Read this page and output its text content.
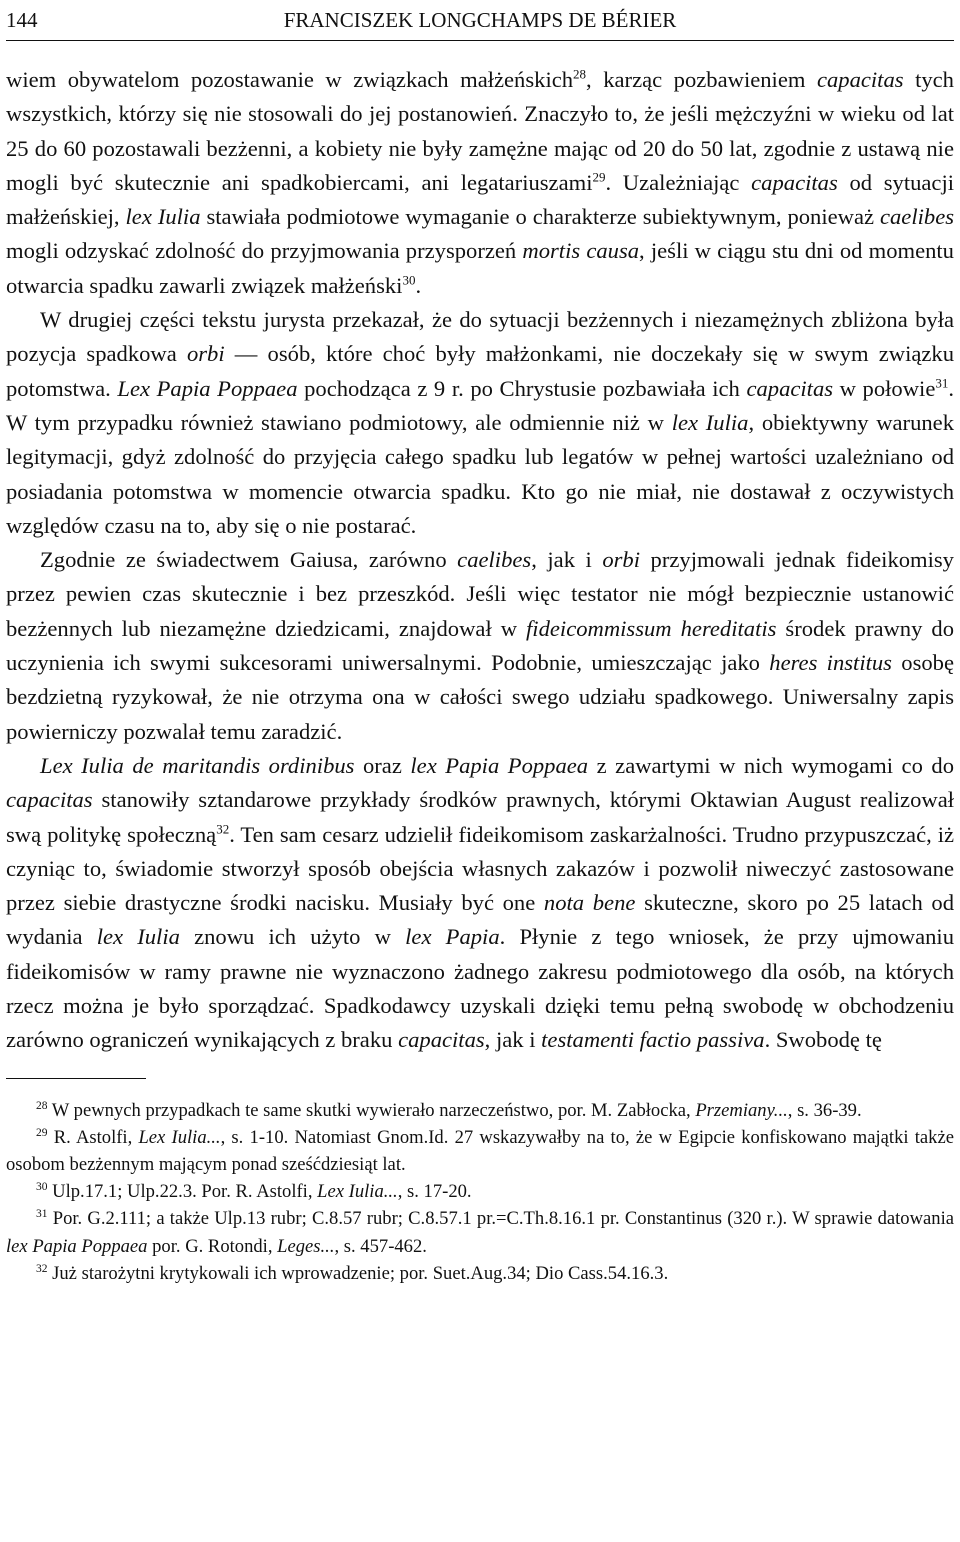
144	FRANCISZEK LONGCHAMPS DE BÉRIER

wiem obywatelom pozostawanie w związkach małżeńskich$^{28}$, karząc pozbawieniem capacitas tych wszystkich, którzy się nie stosowali do jej postanowień. Znaczyło to, że jeśli mężczyźni w wieku od lat 25 do 60 pozostawali bezżenni, a kobiety nie były zamężne mając od 20 do 50 lat, zgodnie z ustawą nie mogli być skutecznie ani spadkobiercami, ani legatariuszami$^{29}$. Uzależniając capacitas od sytuacji małżeńskiej, lex Iulia stawiała podmiotowe wymaganie o charakterze subiektywnym, ponieważ caelibes mogli odzyskać zdolność do przyjmowania przysporzeń mortis causa, jeśli w ciągu stu dni od momentu otwarcia spadku zawarli związek małżeński$^{30}$.

W drugiej części tekstu jurysta przekazał, że do sytuacji bezżennych i niezamężnych zbliżona była pozycja spadkowa orbi — osób, które choć były małżonkami, nie doczekały się w swym związku potomstwa. Lex Papia Poppaea pochodząca z 9 r. po Chrystusie pozbawiała ich capacitas w połowie$^{31}$. W tym przypadku również stawiano podmiotowy, ale odmiennie niż w lex Iulia, obiektywny warunek legitymacji, gdyż zdolność do przyjęcia całego spadku lub legatów w pełnej wartości uzależniano od posiadania potomstwa w momencie otwarcia spadku. Kto go nie miał, nie dostawał z oczywistych względów czasu na to, aby się o nie postarać.

Zgodnie ze świadectwem Gaiusa, zarówno caelibes, jak i orbi przyjmowali jednak fideikomisy przez pewien czas skutecznie i bez przeszkód. Jeśli więc testator nie mógł bezpiecznie ustanowić bezżennych lub niezamężne dziedzicami, znajdował w fideicommissum hereditatis środek prawny do uczynienia ich swymi sukcesorami uniwersalnymi. Podobnie, umieszczając jako heres institus osobę bezdzietną ryzykował, że nie otrzyma ona w całości swego udziału spadkowego. Uniwersalny zapis powierniczy pozwalał temu zaradzić.

Lex Iulia de maritandis ordinibus oraz lex Papia Poppaea z zawartymi w nich wymogami co do capacitas stanowiły sztandarowe przykłady środków prawnych, którymi Oktawian August realizował swą politykę społeczną$^{32}$. Ten sam cesarz udzielił fideikomisom zaskarżalności. Trudno przypuszczać, iż czyniąc to, świadomie stworzył sposób obejścia własnych zakazów i pozwolił niweczyć zastosowane przez siebie drastyczne środki nacisku. Musiały być one nota bene skuteczne, skoro po 25 latach od wydania lex Iulia znowu ich użyto w lex Papia. Płynie z tego wniosek, że przy ujmowaniu fideikomisów w ramy prawne nie wyznaczono żadnego zakresu podmiotowego dla osób, na których rzecz można je było sporządzać. Spadkodawcy uzyskali dzięki temu pełną swobodę w obchodzeniu zarówno ograniczeń wynikających z braku capacitas, jak i testamenti factio passiva. Swobodę tę

$^{28}$ W pewnych przypadkach te same skutki wywierało narzeczeństwo, por. M. Zabłocka, Przemiany..., s. 36-39.

$^{29}$ R. Astolfi, Lex Iulia..., s. 1-10. Natomiast Gnom.Id. 27 wskazywałby na to, że w Egipcie konfiskowano majątki także osobom bezżennym mającym ponad sześćdziesiąt lat.

$^{30}$ Ulp.17.1; Ulp.22.3. Por. R. Astolfi, Lex Iulia..., s. 17-20.

$^{31}$ Por. G.2.111; a także Ulp.13 rubr; C.8.57 rubr; C.8.57.1 pr.=C.Th.8.16.1 pr. Constantinus (320 r.). W sprawie datowania lex Papia Poppaea por. G. Rotondi, Leges..., s. 457-462.

$^{32}$ Już starożytni krytykowali ich wprowadzenie; por. Suet.Aug.34; Dio Cass.54.16.3.
